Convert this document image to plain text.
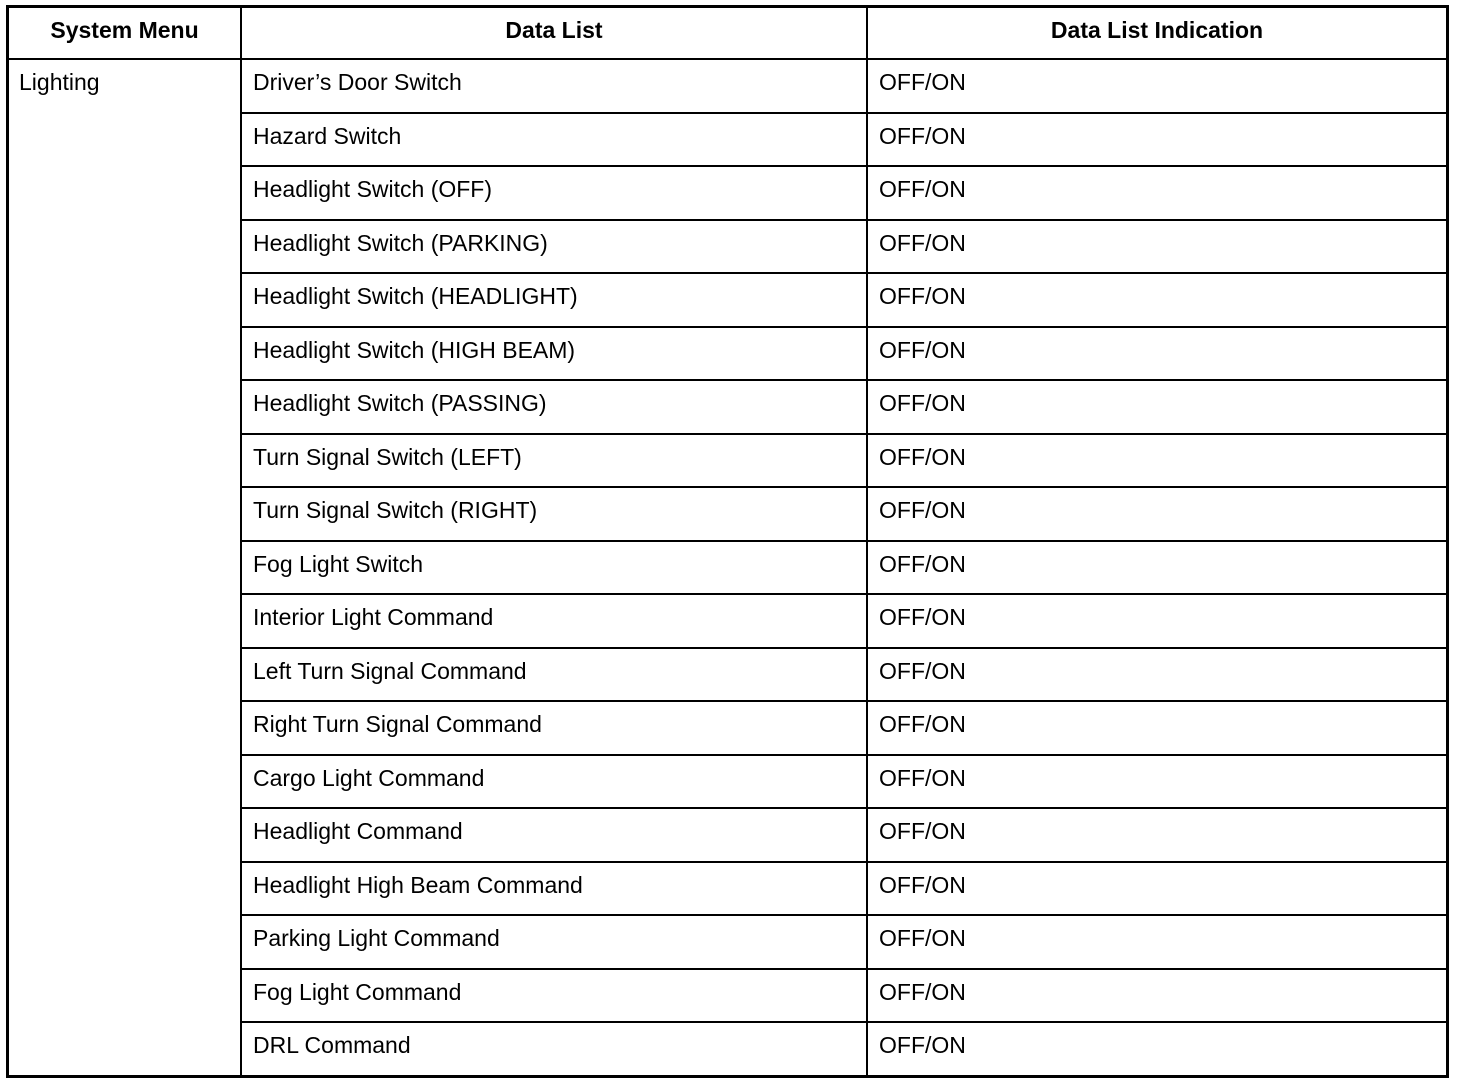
System Menu	Data List	Data List Indication
Lighting	Driver’s Door Switch	OFF/ON
	Hazard Switch	OFF/ON
	Headlight Switch (OFF)	OFF/ON
	Headlight Switch (PARKING)	OFF/ON
	Headlight Switch (HEADLIGHT)	OFF/ON
	Headlight Switch (HIGH BEAM)	OFF/ON
	Headlight Switch (PASSING)	OFF/ON
	Turn Signal Switch (LEFT)	OFF/ON
	Turn Signal Switch (RIGHT)	OFF/ON
	Fog Light Switch	OFF/ON
	Interior Light Command	OFF/ON
	Left Turn Signal Command	OFF/ON
	Right Turn Signal Command	OFF/ON
	Cargo Light Command	OFF/ON
	Headlight Command	OFF/ON
	Headlight High Beam Command	OFF/ON
	Parking Light Command	OFF/ON
	Fog Light Command	OFF/ON
	DRL Command	OFF/ON
